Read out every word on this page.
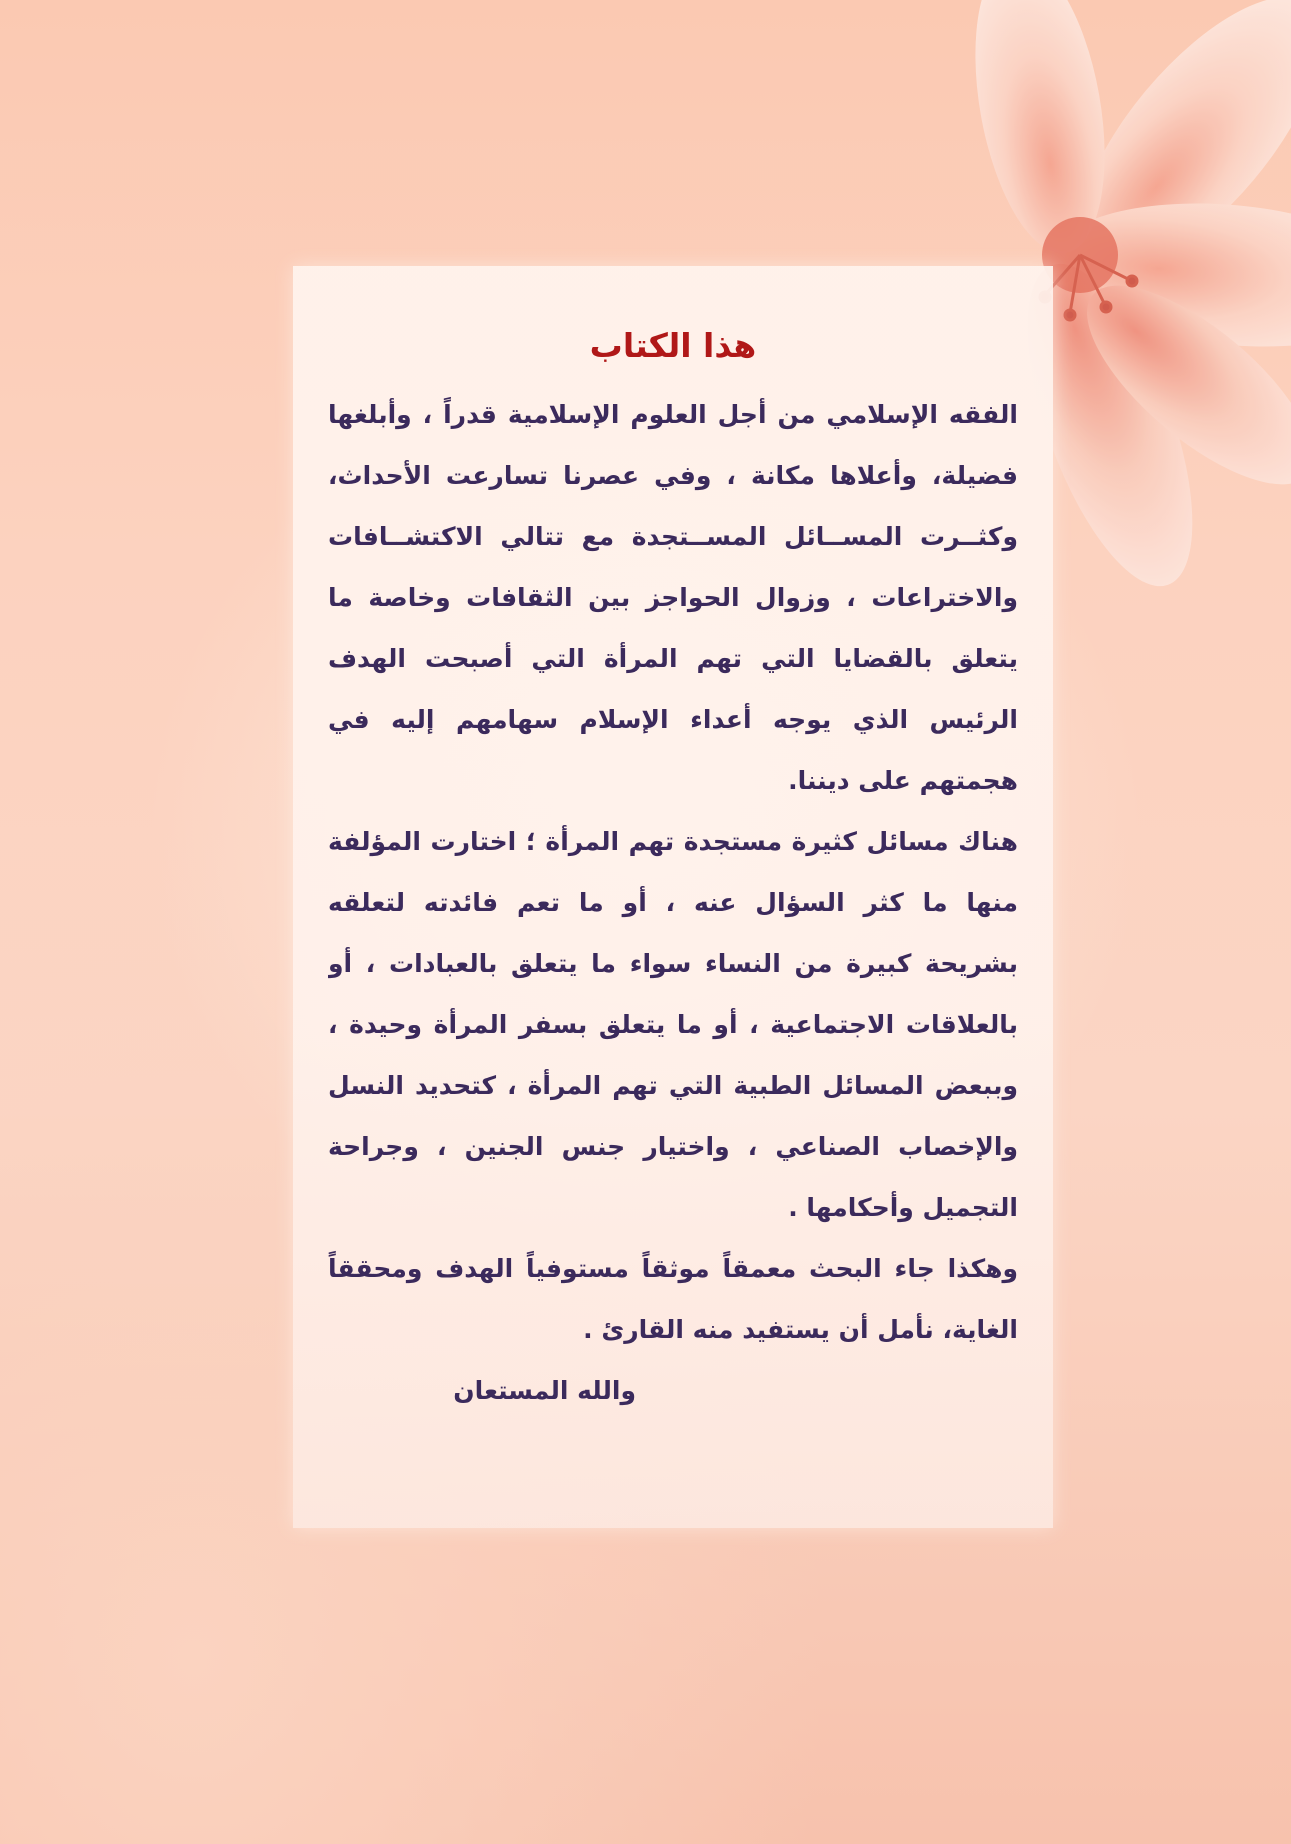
هذا الكتاب
الفقه الإسلامي من أجل العلوم الإسلامية قدراً ، وأبلغها
فضيلة، وأعلاها مكانة ، وفي عصرنا تسارعت الأحداث،
وكثــرت المســائل المســتجدة مع تتالي الاكتشــافات
والاختراعات ، وزوال الحواجز بين الثقافات وخاصة ما
يتعلق بالقضايا التي تهم المرأة التي أصبحت الهدف
الرئيس الذي يوجه أعداء الإسلام سهامهم إليه في
هجمتهم على ديننا.
هناك مسائل كثيرة مستجدة تهم المرأة ؛ اختارت المؤلفة
منها ما كثر السؤال عنه ، أو ما تعم فائدته لتعلقه
بشريحة كبيرة من النساء سواء ما يتعلق بالعبادات ، أو
بالعلاقات الاجتماعية ، أو ما يتعلق بسفر المرأة وحيدة ،
وببعض المسائل الطبية التي تهم المرأة ، كتحديد النسل
والإخصاب الصناعي ، واختيار جنس الجنين ، وجراحة
التجميل وأحكامها .
وهكذا جاء البحث معمقاً موثقاً مستوفياً الهدف ومحققاً
الغاية، نأمل أن يستفيد منه القارئ .
والله المستعان
